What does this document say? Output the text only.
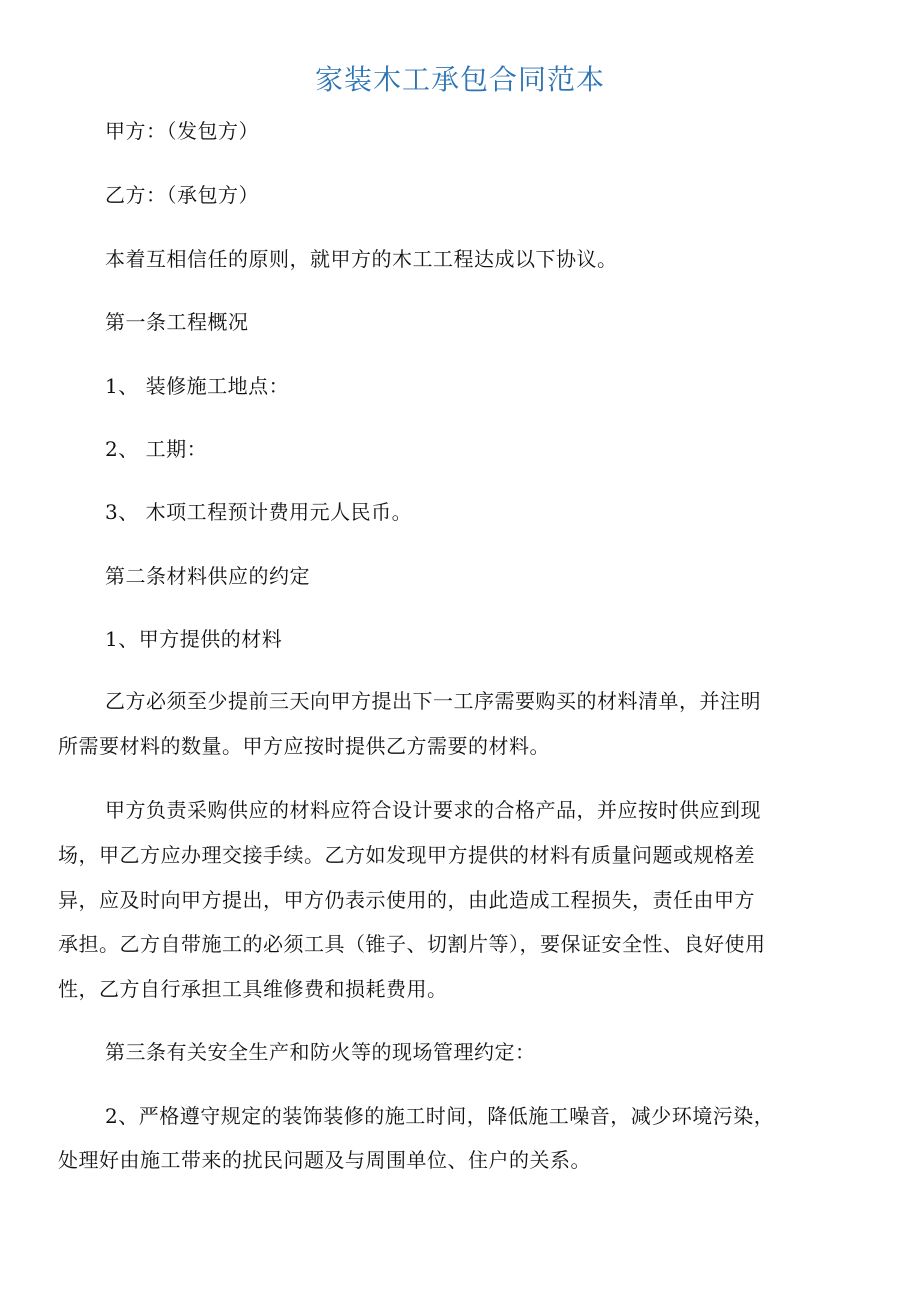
家装木工承包合同范本
甲方：（发包方）
乙方：（承包方）
本着互相信任的原则，就甲方的木工工程达成以下协议。
第一条工程概况
1、 装修施工地点：
2、 工期：
3、 木项工程预计费用元人民币。
第二条材料供应的约定
1、甲方提供的材料
乙方必须至少提前三天向甲方提出下一工序需要购买的材料清单，并注明
所需要材料的数量。甲方应按时提供乙方需要的材料。
甲方负责采购供应的材料应符合设计要求的合格产品，并应按时供应到现
场，甲乙方应办理交接手续。乙方如发现甲方提供的材料有质量问题或规格差
异，应及时向甲方提出，甲方仍表示使用的，由此造成工程损失，责任由甲方
承担。乙方自带施工的必须工具（锥子、切割片等），要保证安全性、良好使用
性，乙方自行承担工具维修费和损耗费用。
第三条有关安全生产和防火等的现场管理约定：
2、严格遵守规定的装饰装修的施工时间，降低施工噪音，减少环境污染，
处理好由施工带来的扰民问题及与周围单位、住户的关系。
